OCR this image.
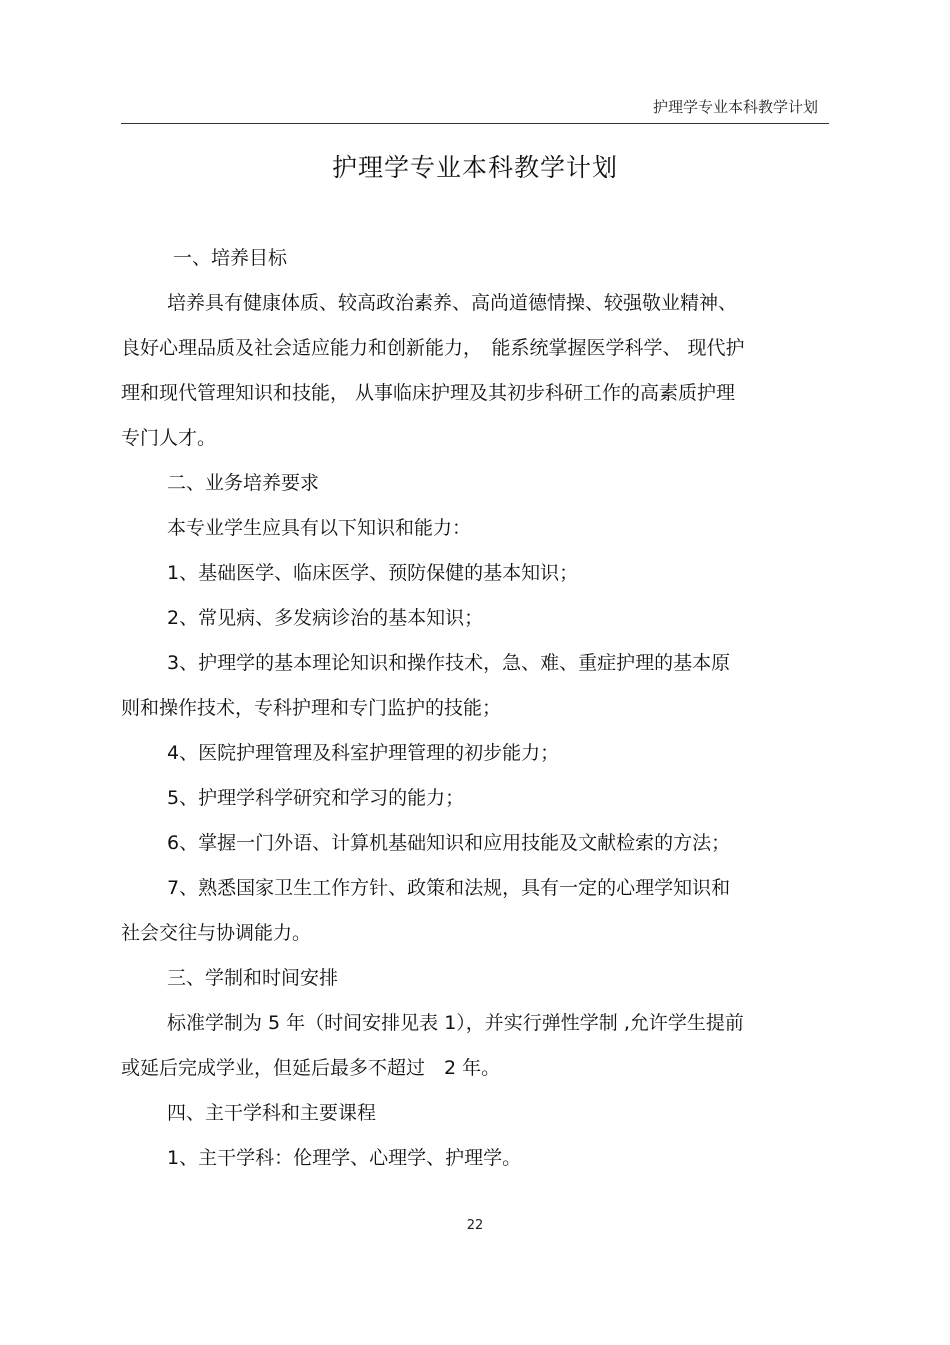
护理学专业本科教学计划
护理学专业本科教学计划

一、培养目标

培养具有健康体质、较高政治素养、高尚道德情操、较强敬业精神、

良好心理品质及社会适应能力和创新能力，　能系统掌握医学科学、 现代护

理和现代管理知识和技能， 从事临床护理及其初步科研工作的高素质护理

专门人才。

二、业务培养要求

本专业学生应具有以下知识和能力：

1、基础医学、临床医学、预防保健的基本知识；

2、常见病、多发病诊治的基本知识；

3、护理学的基本理论知识和操作技术，急、难、重症护理的基本原

则和操作技术，专科护理和专门监护的技能；

4、医院护理管理及科室护理管理的初步能力；

5、护理学科学研究和学习的能力；

6、掌握一门外语、计算机基础知识和应用技能及文献检索的方法；

7、熟悉国家卫生工作方针、政策和法规，具有一定的心理学知识和

社会交往与协调能力。

三、学制和时间安排

标准学制为 5 年（时间安排见表 1），并实行弹性学制 ,允许学生提前

或延后完成学业，但延后最多不超过　2 年。

四、主干学科和主要课程

1、主干学科：伦理学、心理学、护理学。

22
